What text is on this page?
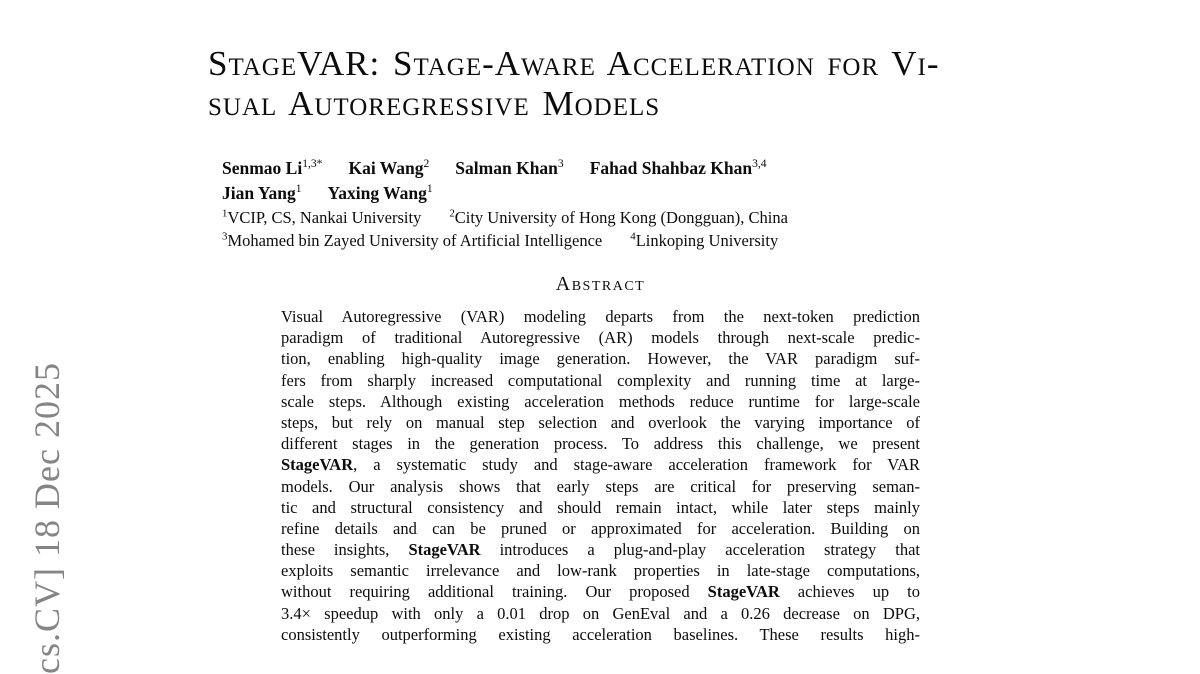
cs.CV] 18 Dec 2025
StageVAR: Stage-Aware Acceleration for Vi-
sual Autoregressive Models
Senmao $Li^{1,3*}$ Kai Wang$^2$ Salman Khan$^3$ Fahad Shahbaz Khan$^{3,4}$
Jian Yang$^1$ Yaxing Wang$^1$
$^1$VCIP, CS, Nankai University	$^2$City University of Hong Kong (Dongguan), China
$^3$Mohamed bin Zayed University of Artificial Intelligence	$^4$Linkoping University
Abstract
Visual Autoregressive (VAR) modeling departs from the next-token prediction
paradigm of traditional Autoregressive (AR) models through next-scale predic-
tion, enabling high-quality image generation. However, the VAR paradigm suf-
fers from sharply increased computational complexity and running time at large-
scale steps. Although existing acceleration methods reduce runtime for large-scale
steps, but rely on manual step selection and overlook the varying importance of
different stages in the generation process. To address this challenge, we present
StageVAR, a systematic study and stage-aware acceleration framework for VAR
models. Our analysis shows that early steps are critical for preserving seman-
tic and structural consistency and should remain intact, while later steps mainly
refine details and can be pruned or approximated for acceleration. Building on
these insights, StageVAR introduces a plug-and-play acceleration strategy that
exploits semantic irrelevance and low-rank properties in late-stage computations,
without requiring additional training. Our proposed StageVAR achieves up to
3.4× speedup with only a 0.01 drop on GenEval and a 0.26 decrease on DPG,
consistently outperforming existing acceleration baselines. These results high-
